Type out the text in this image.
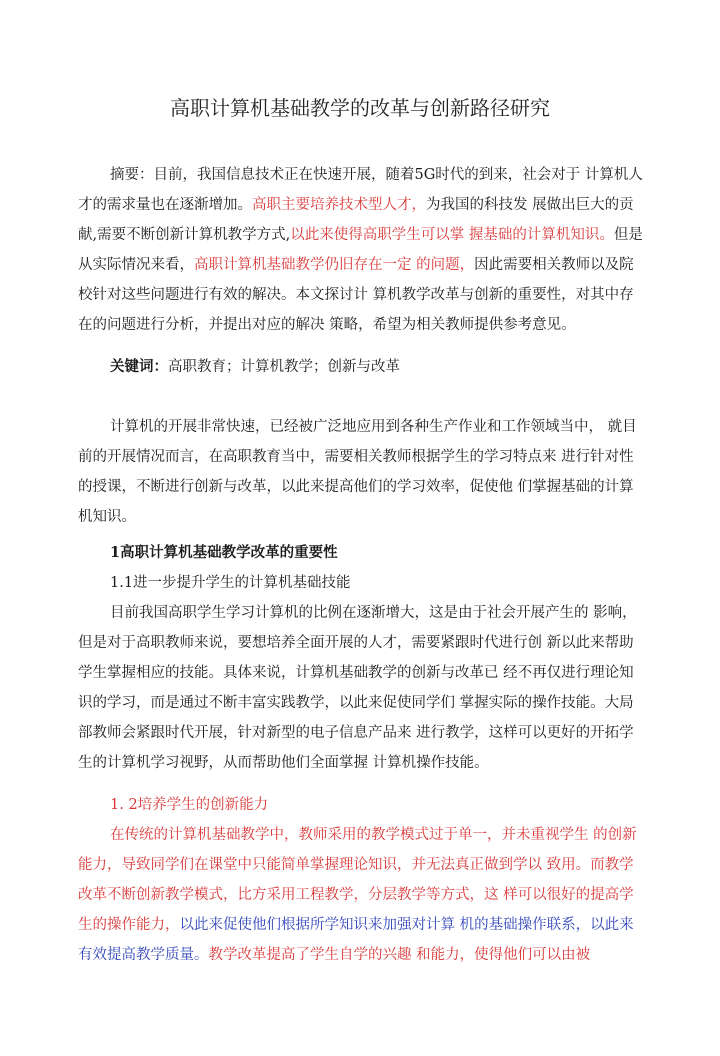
高职计算机基础教学的改革与创新路径研究

摘要：目前，我国信息技术正在快速开展，随着5G时代的到来，社会对于 计算机人才的需求量也在逐渐增加。高职主要培养技术型人才，为我国的科技发 展做出巨大的贡献,需要不断创新计算机教学方式,以此来使得高职学生可以掌 握基础的计算机知识。但是从实际情况来看，高职计算机基础教学仍旧存在一定 的问题，因此需要相关教师以及院校针对这些问题进行有效的解决。本文探讨计 算机教学改革与创新的重要性，对其中存在的问题进行分析，并提出对应的解决 策略，希望为相关教师提供参考意见。

关键词：高职教育；计算机教学；创新与改革

计算机的开展非常快速，已经被广泛地应用到各种生产作业和工作领域当中， 就目前的开展情况而言，在高职教育当中，需要相关教师根据学生的学习特点来 进行针对性的授课，不断进行创新与改革，以此来提高他们的学习效率，促使他 们掌握基础的计算机知识。

1高职计算机基础教学改革的重要性
1.1进一步提升学生的计算机基础技能

目前我国高职学生学习计算机的比例在逐渐增大，这是由于社会开展产生的 影响，但是对于高职教师来说，要想培养全面开展的人才，需要紧跟时代进行创 新以此来帮助学生掌握相应的技能。具体来说，计算机基础教学的创新与改革已 经不再仅进行理论知识的学习，而是通过不断丰富实践教学，以此来促使同学们 掌握实际的操作技能。大局部教师会紧跟时代开展，针对新型的电子信息产品来 进行教学，这样可以更好的开拓学生的计算机学习视野，从而帮助他们全面掌握 计算机操作技能。

1. 2培养学生的创新能力

在传统的计算机基础教学中，教师采用的教学模式过于单一，并未重视学生 的创新能力，导致同学们在课堂中只能简单掌握理论知识，并无法真正做到学以 致用。而教学改革不断创新教学模式，比方采用工程教学，分层教学等方式，这 样可以很好的提高学生的操作能力，以此来促使他们根据所学知识来加强对计算 机的基础操作联系，以此来有效提高教学质量。教学改革提高了学生自学的兴趣 和能力，使得他们可以由被
